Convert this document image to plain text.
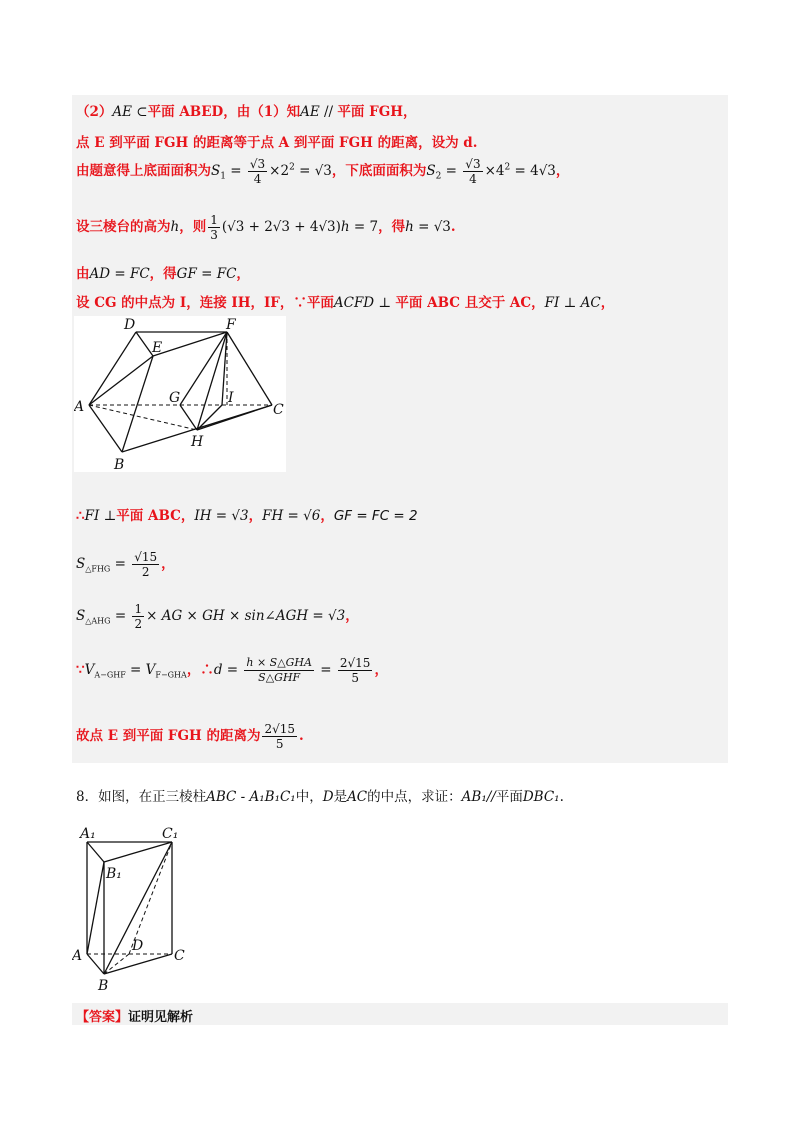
（2）AE ⊂平面 ABED，由（1）知AE // 平面 FGH，
点 E 到平面 FGH 的距离等于点 A 到平面 FGH 的距离，设为 d.
由题意得上底面面积为$S_1 = \frac{√3}{4} \times 2^2 = √3$，下底面面积为$S_2 = \frac{√3}{4} \times 4^2 = 4√3$，
设三棱台的高为h，则 $\frac{1}{3} (√3 + 2√3 + 4√3)h = 7$，得h = √3.
由AD = FC，得GF = FC，
设 CG 的中点为 I，连接 IH，IF，∵平面ACFD ⊥ 平面 ABC 且交于 AC，FI ⊥ AC，
D	F
E
A
G	I
C
H
B
∴FI ⊥平面 ABC，IH = √3，FH = √6，GF = FC = 2
$S_{\triangle FHG} = \frac{√15}{2}$ ，
$S_{\triangle AHG} = \frac{1}{2}$ × AG × GH × sin∠AGH = √3，
$\because V_{A-GHF} = V_{F-GHA}$，∴d = $\frac{\text{h × S△GHA}}{\text{S△GHF}} = \frac{2√15}{5}$ ，
故点 E 到平面 FGH 的距离为 $\frac{2√15}{5}$ .
8．如图，在正三棱柱ABC - A₁B₁C₁中，D是AC的中点，求证：AB₁//平面DBC₁.
A₁	C₁
B₁
A
D
C
B
【答案】证明见解析
